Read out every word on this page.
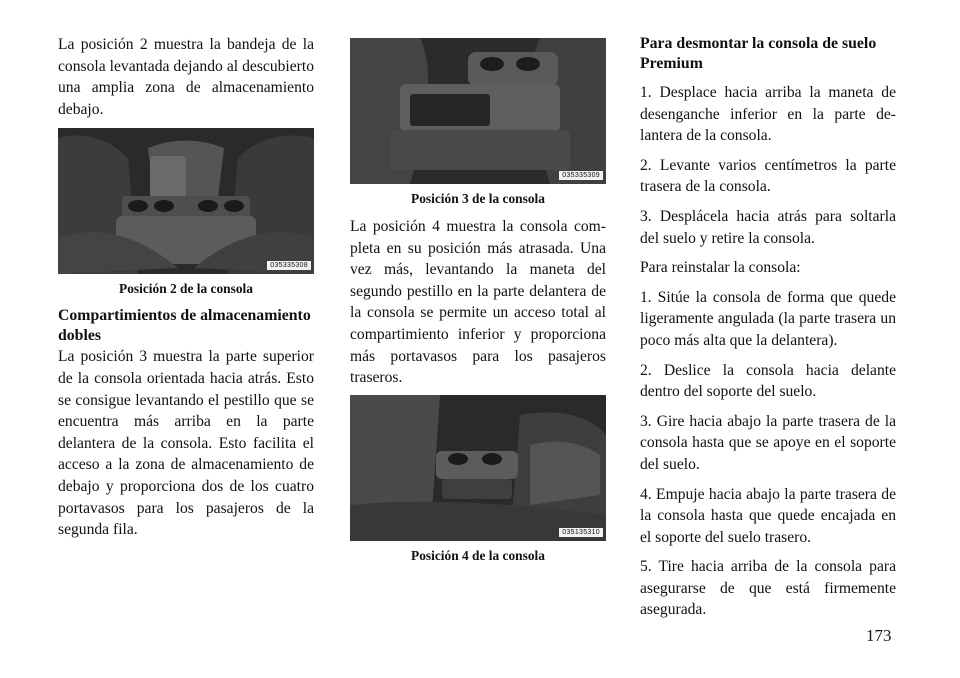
La posición 2 muestra la bandeja de la consola levantada dejando al descubierto una amplia zona de almacenamiento debajo.

035335308
Posición 2 de la consola
Compartimientos de almacenamiento dobles

La posición 3 muestra la parte superior de la consola orientada hacia atrás. Esto se consigue levantando el pestillo que se encuentra más arriba en la parte delantera de la consola. Esto facilita el acceso a la zona de almacenamiento de debajo y proporciona dos de los cuatro portavasos para los pasajeros de la segunda fila.

035335309
Posición 3 de la consola

La posición 4 muestra la consola completa en su posición más atrasada. Una vez más, levantando la maneta del segundo pestillo en la parte delantera de la consola se permite un acceso total al compartimiento inferior y proporciona más portavasos para los pasajeros traseros.

035135310
Posición 4 de la consola
Para desmontar la consola de suelo Premium

1. Desplace hacia arriba la maneta de desenganche inferior en la parte delantera de la consola.

2. Levante varios centímetros la parte trasera de la consola.

3. Desplácela hacia atrás para soltarla del suelo y retire la consola.

Para reinstalar la consola:

1. Sitúe la consola de forma que quede ligeramente angulada (la parte trasera un poco más alta que la delantera).

2. Deslice la consola hacia delante dentro del soporte del suelo.

3. Gire hacia abajo la parte trasera de la consola hasta que se apoye en el soporte del suelo.

4. Empuje hacia abajo la parte trasera de la consola hasta que quede encajada en el soporte del suelo trasero.

5. Tire hacia arriba de la consola para asegurarse de que está firmemente asegurada.

173
